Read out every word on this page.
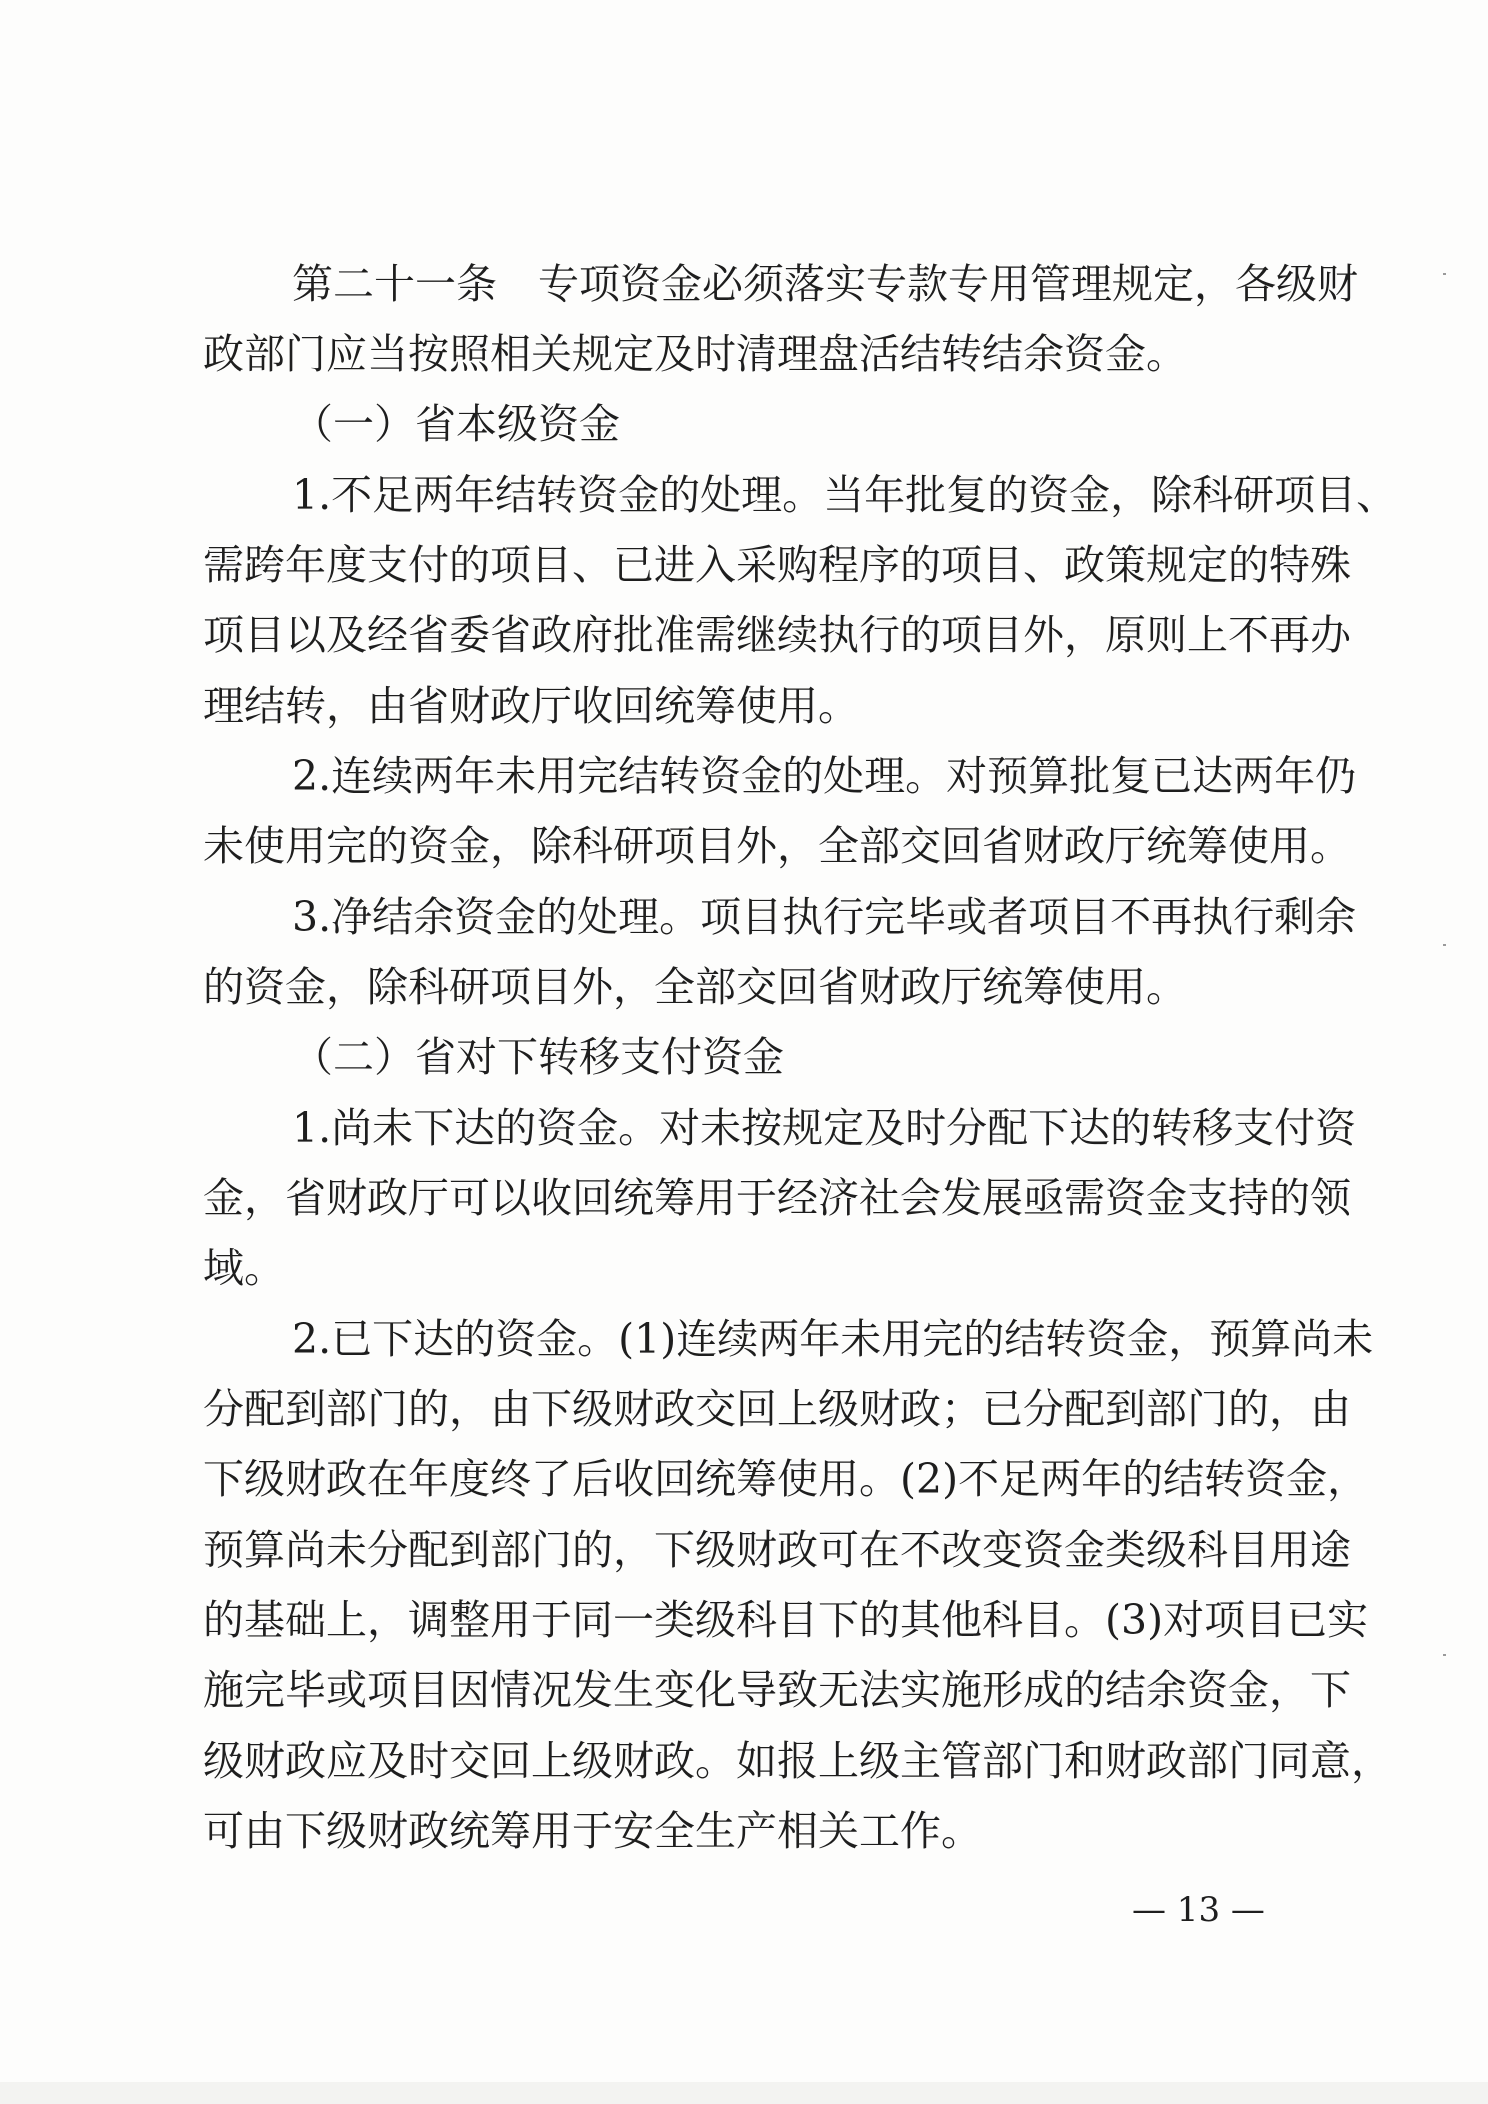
第二十一条　专项资金必须落实专款专用管理规定，各级财
政部门应当按照相关规定及时清理盘活结转结余资金。
（一）省本级资金
1.不足两年结转资金的处理。当年批复的资金，除科研项目、
需跨年度支付的项目、已进入采购程序的项目、政策规定的特殊
项目以及经省委省政府批准需继续执行的项目外，原则上不再办
理结转，由省财政厅收回统筹使用。
2.连续两年未用完结转资金的处理。对预算批复已达两年仍
未使用完的资金，除科研项目外，全部交回省财政厅统筹使用。
3.净结余资金的处理。项目执行完毕或者项目不再执行剩余
的资金，除科研项目外，全部交回省财政厅统筹使用。
（二）省对下转移支付资金
1.尚未下达的资金。对未按规定及时分配下达的转移支付资
金，省财政厅可以收回统筹用于经济社会发展亟需资金支持的领
域。
2.已下达的资金。(1)连续两年未用完的结转资金，预算尚未
分配到部门的，由下级财政交回上级财政；已分配到部门的，由
下级财政在年度终了后收回统筹使用。(2)不足两年的结转资金，
预算尚未分配到部门的，下级财政可在不改变资金类级科目用途
的基础上，调整用于同一类级科目下的其他科目。(3)对项目已实
施完毕或项目因情况发生变化导致无法实施形成的结余资金，下
级财政应及时交回上级财政。如报上级主管部门和财政部门同意，
可由下级财政统筹用于安全生产相关工作。
— 13 —
